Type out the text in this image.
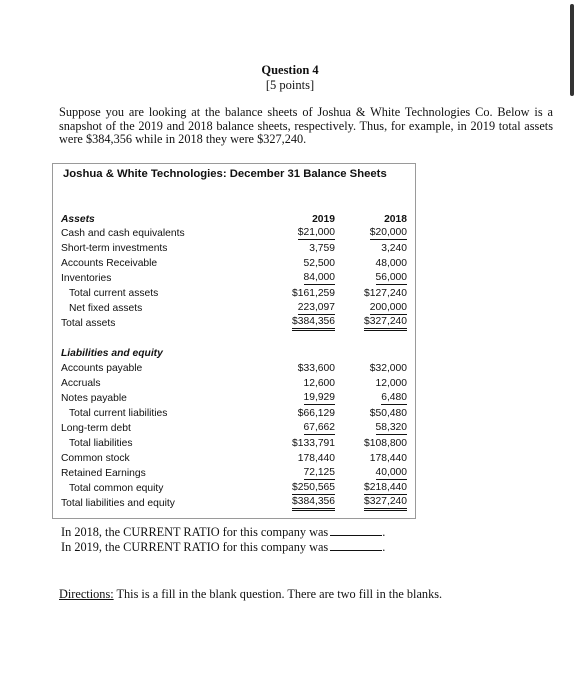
Question 4
[5 points]
Suppose you are looking at the balance sheets of Joshua & White Technologies Co. Below is a snapshot of the 2019 and 2018 balance sheets, respectively. Thus, for example, in 2019 total assets were $384,356 while in 2018 they were $327,240.
Joshua & White Technologies: December 31 Balance Sheets
Assets	2019	2018
Cash and cash equivalents	$21,000	$20,000
Short-term investments	3,759	3,240
Accounts Receivable	52,500	48,000
Inventories	84,000	56,000
Total current assets	$161,259	$127,240
Net fixed assets	223,097	200,000
Total assets	$384,356	$327,240
Liabilities and equity
Accounts payable	$33,600	$32,000
Accruals	12,600	12,000
Notes payable	19,929	6,480
Total current liabilities	$66,129	$50,480
Long-term debt	67,662	58,320
Total liabilities	$133,791	$108,800
Common stock	178,440	178,440
Retained Earnings	72,125	40,000
Total common equity	$250,565	$218,440
Total liabilities and equity	$384,356	$327,240
In 2018, the CURRENT RATIO for this company was	.
In 2019, the CURRENT RATIO for this company was	.
Directions: This is a fill in the blank question. There are two fill in the blanks.
